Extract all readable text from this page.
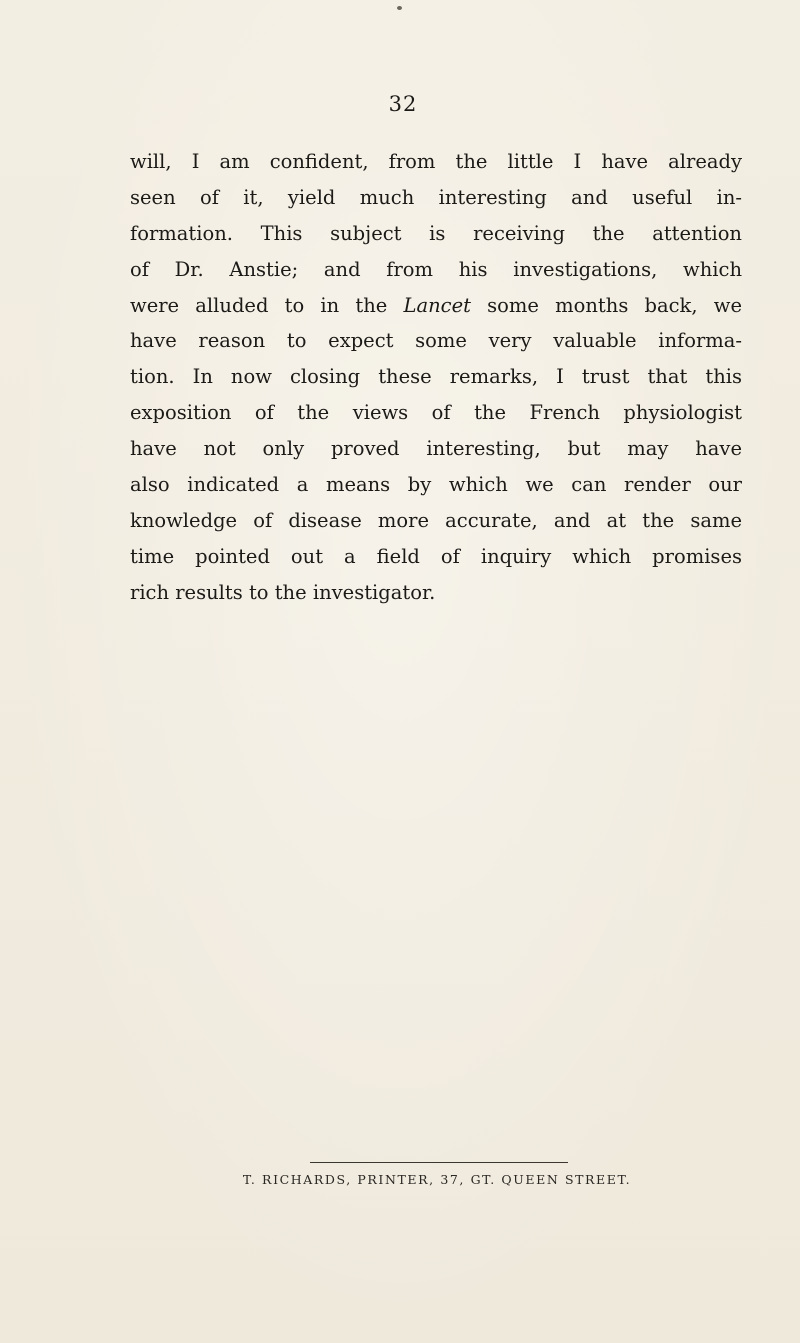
32

will, I am confident, from the little I have already
seen of it, yield much interesting and useful in-
formation. This subject is receiving the attention
of Dr. Anstie; and from his investigations, which
were alluded to in the Lancet some months back, we
have reason to expect some very valuable informa-
tion. In now closing these remarks, I trust that this
exposition of the views of the French physiologist
have not only proved interesting, but may have
also indicated a means by which we can render our
knowledge of disease more accurate, and at the same
time pointed out a field of inquiry which promises
rich results to the investigator.
T. RICHARDS, PRINTER, 37, GT. QUEEN STREET.
